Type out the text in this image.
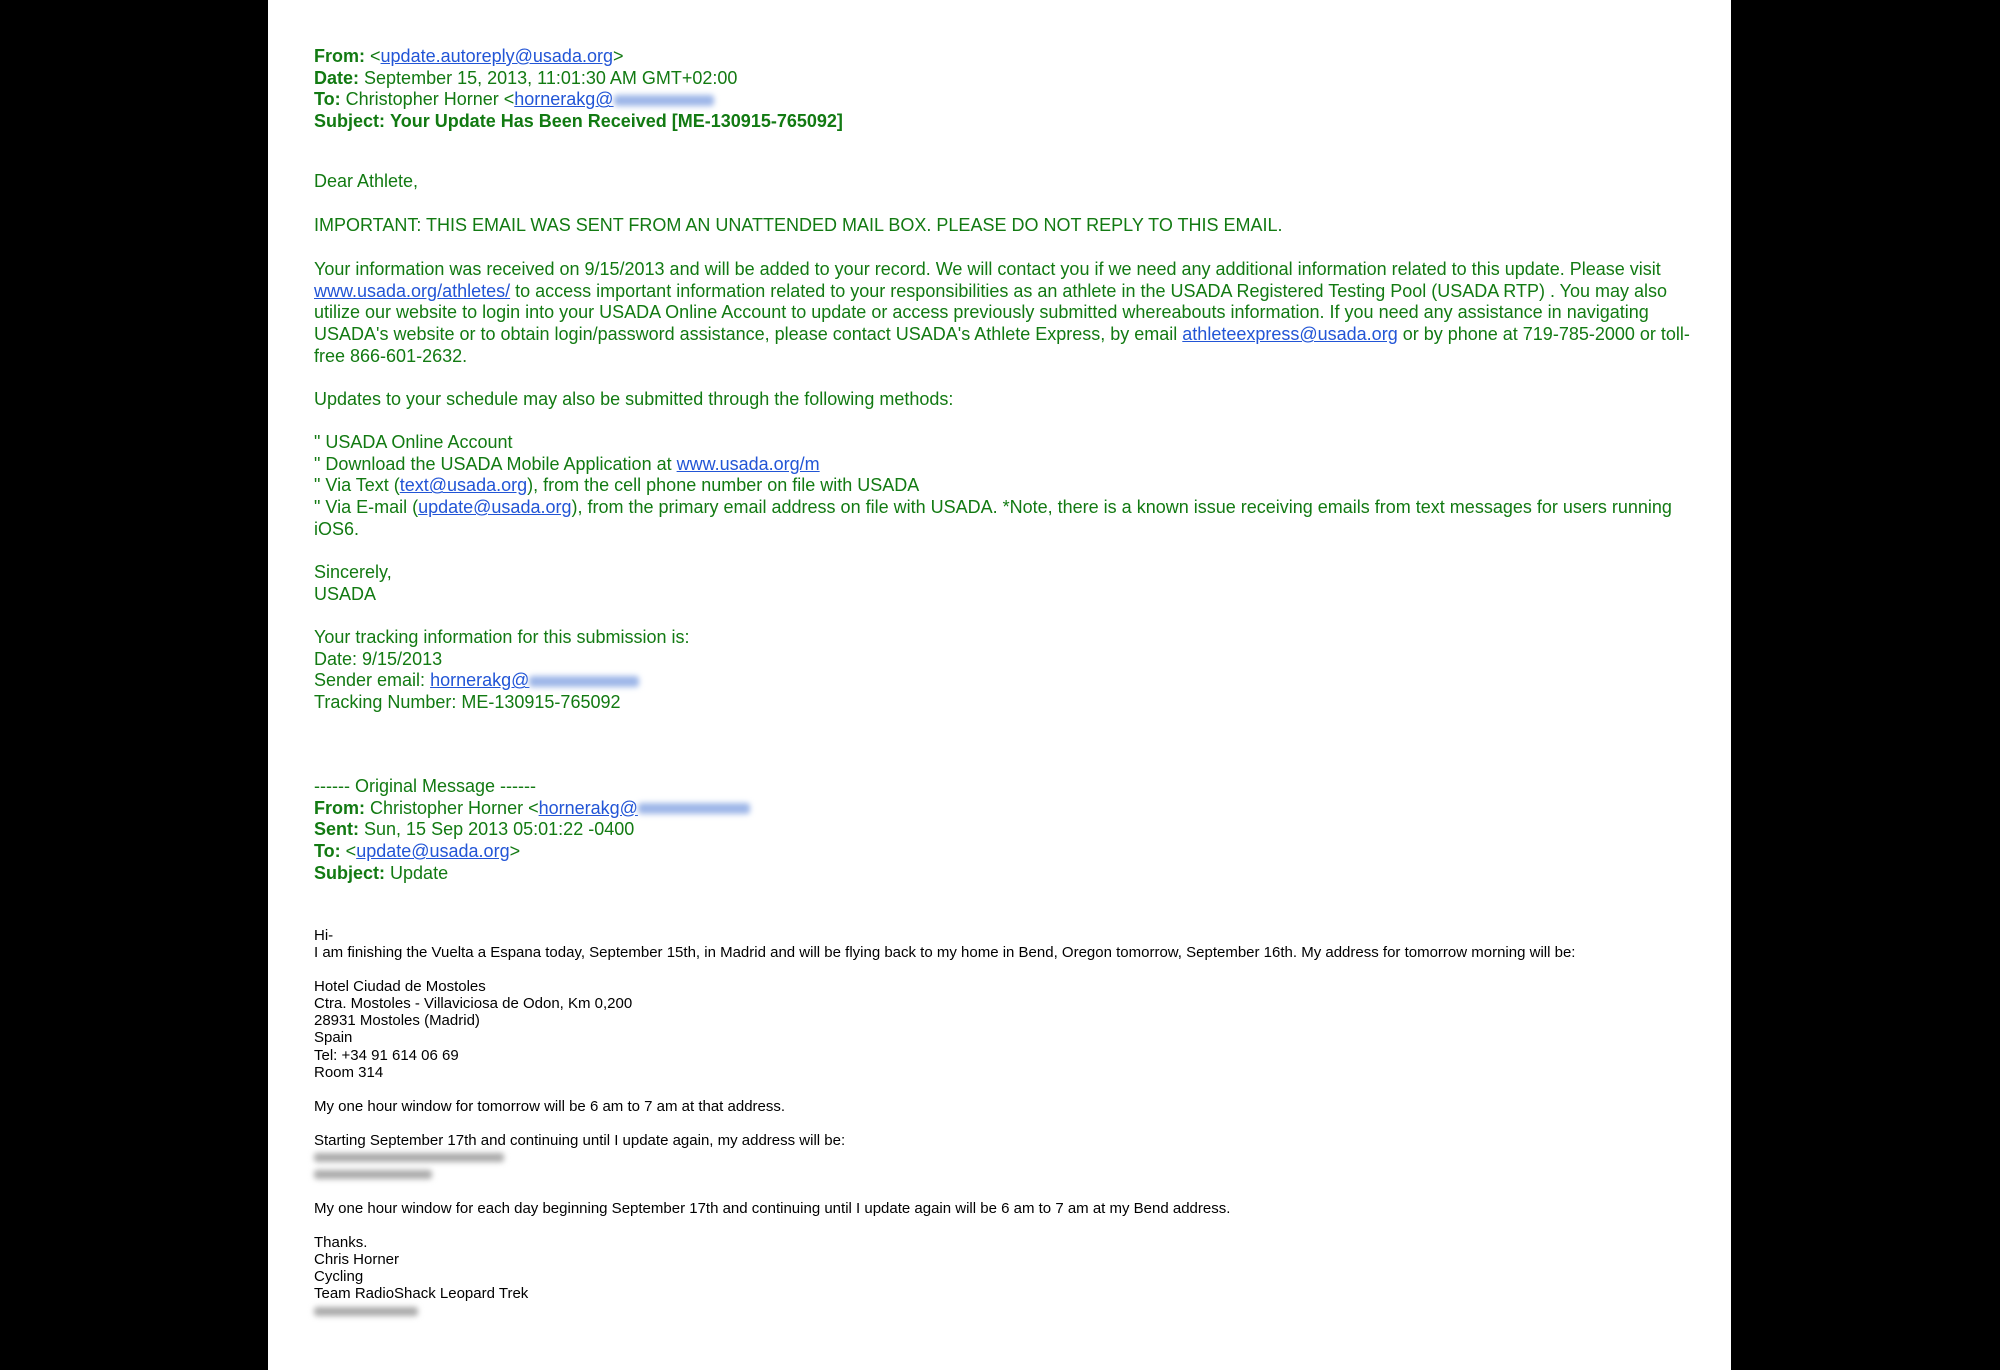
From: <update.autoreply@usada.org>
Date: September 15, 2013, 11:01:30 AM GMT+02:00
To: Christopher Horner <hornerakg@
Subject: Your Update Has Been Received [ME-130915-765092]
Dear Athlete,
IMPORTANT: THIS EMAIL WAS SENT FROM AN UNATTENDED MAIL BOX. PLEASE DO NOT REPLY TO THIS EMAIL.
Your information was received on 9/15/2013 and will be added to your record. We will contact you if we need any additional information related to this update. Please visit www.usada.org/athletes/ to access important information related to your responsibilities as an athlete in the USADA Registered Testing Pool (USADA RTP) . You may also utilize our website to login into your USADA Online Account to update or access previously submitted whereabouts information. If you need any assistance in navigating USADA's website or to obtain login/password assistance, please contact USADA's Athlete Express, by email athleteexpress@usada.org or by phone at 719-785-2000 or toll-free 866-601-2632.
Updates to your schedule may also be submitted through the following methods:
" USADA Online Account
" Download the USADA Mobile Application at www.usada.org/m
" Via Text (text@usada.org), from the cell phone number on file with USADA
" Via E-mail (update@usada.org), from the primary email address on file with USADA. *Note, there is a known issue receiving emails from text messages for users running iOS6.
Sincerely,
USADA
Your tracking information for this submission is:
Date: 9/15/2013
Sender email: hornerakg@
Tracking Number: ME-130915-765092
------ Original Message ------
From: Christopher Horner <hornerakg@
Sent: Sun, 15 Sep 2013 05:01:22 -0400
To: <update@usada.org>
Subject: Update
Hi-
I am finishing the Vuelta a Espana today, September 15th, in Madrid and will be flying back to my home in Bend, Oregon tomorrow, September 16th. My address for tomorrow morning will be:
Hotel Ciudad de Mostoles
Ctra. Mostoles - Villaviciosa de Odon, Km 0,200
28931 Mostoles (Madrid)
Spain
Tel: +34 91 614 06 69
Room 314
My one hour window for tomorrow will be 6 am to 7 am at that address.
Starting September 17th and continuing until I update again, my address will be:
My one hour window for each day beginning September 17th and continuing until I update again will be 6 am to 7 am at my Bend address.
Thanks.
Chris Horner
Cycling
Team RadioShack Leopard Trek
